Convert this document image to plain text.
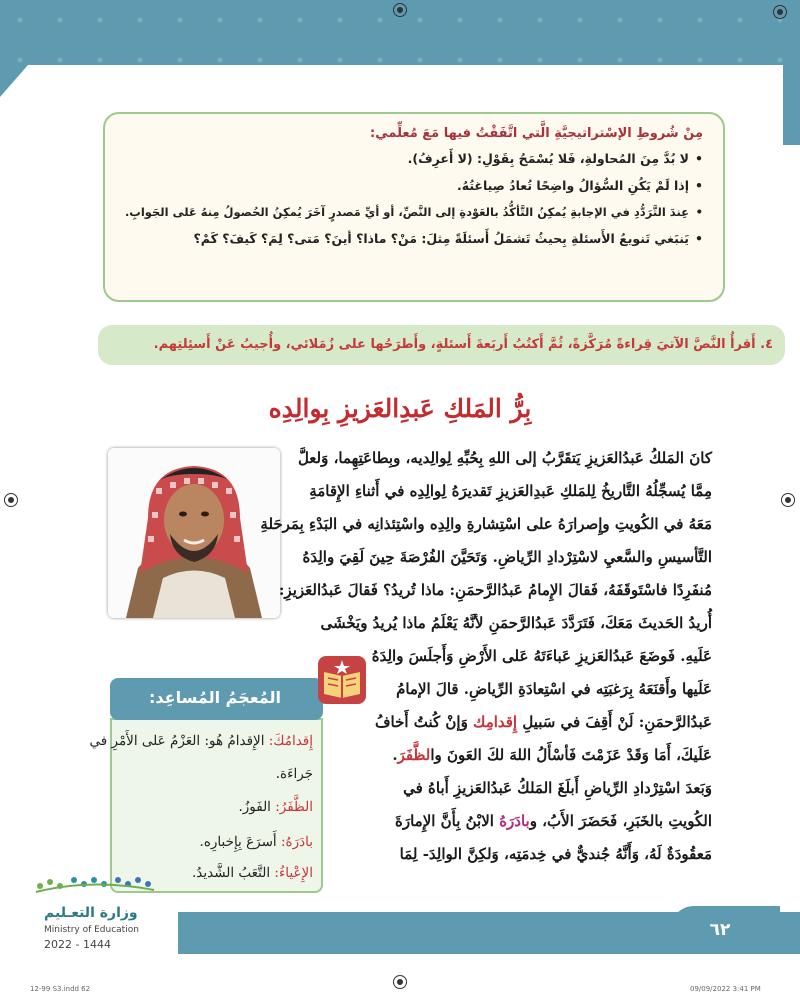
مِنْ شُروطِ الإسْتراتيجيَّةِ الَّتي اتَّفَقْتُ فيها مَعَ مُعلِّمي:
• لا بُدَّ مِنَ المُحاولةِ، فَلا يُسْمَحُ بِقَوْلِ: (لا أَعرِفُ).
• إذا لَمْ يَكُنِ السُّؤالُ واضِحًا تُعادُ صِياغتُهُ.
• عِندَ التَّرَدُّدِ في الإجابةِ يُمكِنُ التَّأكُّدُ بالعَوْدةِ إلى النَّصِّ، أو أيِّ مَصدرٍ آخَرَ يُمكِنُ الحُصولُ مِنهُ عَلى الجَوابِ.
• يَنبَغي تَنويعُ الأَسئلةِ بِحيثُ تَشمَلُ أَسئلَةً مِثلَ: مَنْ؟ ماذا؟ أينَ؟ مَتى؟ لِمَ؟ كَيفَ؟ كَمْ؟
٤. أَقرأُ النَّصَّ الآتيَ قِراءةً مُرَكَّزةً، ثُمَّ أَكتُبُ أَربَعةَ أَسئلةٍ، وأَطرَحُها على زُمَلائي، وأُجيبُ عَنْ أَسئِلتِهم.
بِرُّ المَلكِ عَبدِالعَزيزِ بِوالِدِه
كانَ المَلكُ عَبدُالعَزيزِ يَتقَرَّبُ إلى اللهِ بِحُبِّهِ لِوالِديه، وبِطاعَتِهِما، وَلعلَّ
مِمَّا يُسجِّلُهُ التَّاريخُ لِلمَلكِ عَبدِالعَزيزِ تَقديرَهُ لِوالِدِه في أَثناءِ الإِقامَةِ
مَعَهُ في الكُويتِ وإِصرارَهُ على اسْتِشارةِ والِدِه واسْتِئذانِه في البَدْءِ بِمَرحَلةِ
التَّأسيسِ والسَّعيِ لاسْتِرْدادِ الرِّياضِ. وَتَحَيَّنَ الفُرْصَةَ حِينَ لَقِيَ والِدَهُ
مُنفَرِدًا فاسْتَوقَفَهُ، فَقالَ الإِمامُ عَبدُالرَّحمَنِ: ماذا تُريدُ؟ فَقالَ عَبدُالعَزيزِ:
أُريدُ الحَديثَ مَعَكَ، فَتَرَدَّدَ عَبدُالرَّحمَنِ لأنَّهُ يَعْلَمُ ماذا يُريدُ ويَخْشَى
عَلَيهِ. فَوضَعَ عَبدُالعَزيزِ عَباءَتَهُ عَلى الأَرْضِ وَأَجلَسَ والِدَهُ
عَلَيها وأَقنَعَهُ بِرَغبَتِه في اسْتِعادَةِ الرِّياضِ. قالَ الإمامُ
عَبدُالرَّحمَنِ: لَنْ أَقِفَ في سَبيلِ إِقدامِك وَإنْ كُنتُ أَخافُ
عَلَيكَ، أَمَا وَقَدْ عَزَمْتَ فَأسْأَلُ اللهَ لكَ العَونَ والظَّفَرَ.
وَبَعدَ اسْتِرْدادِ الرِّياضِ أَبلَغَ المَلكُ عَبدُالعَزيزِ أَباهُ في
الكُويتِ بالخَبَرِ، فَحَضَرَ الأَبُ، وبادَرَهُ الابْنُ بِأَنَّ الإِمارَةَ
مَعقُودَةٌ لَهُ، وَأَنَّهُ جُنديٌّ في خِدمَتِه، وَلكِنَّ الوالِدَ- لِمَا
المُعجَمُ المُساعِد:
إِقدامُكَ: الإِقدامُ هُو: العَزْمُ عَلى الأَمْرِ في
جَراءَة.
الظَّفَرُ: الفَوزُ.
بادَرَهُ: أَسرَعَ بِإِخبارِه.
الإِعْياءُ: التَّعَبُ الشَّديدُ.
وزارة التعـليم
Ministry of Education
2022 - 1444
٦٢
12-99 S3.indd 62	09/09/2022 3:41 PM
